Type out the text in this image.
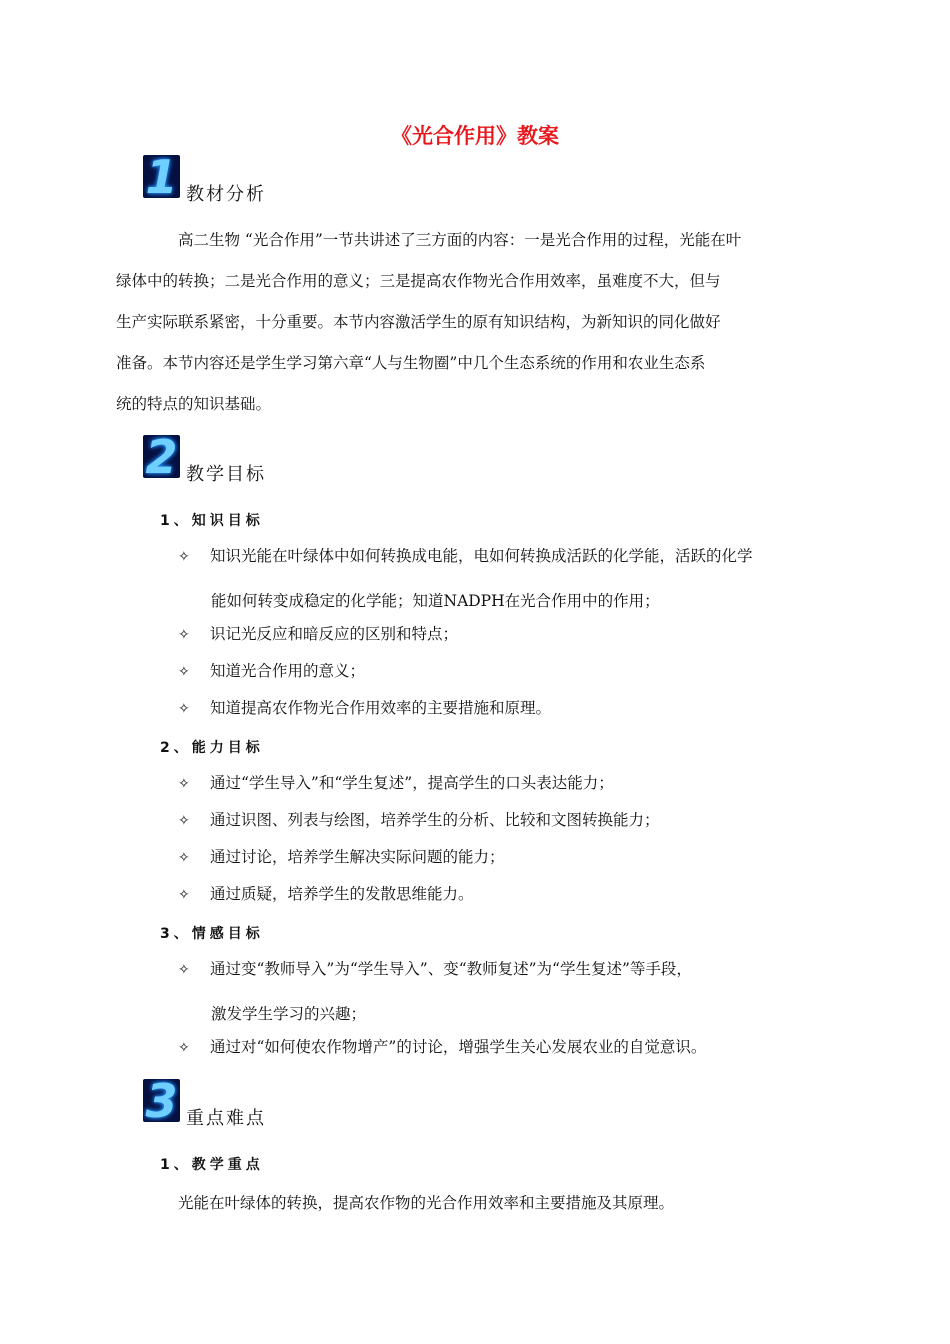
《光合作用》教案
1 教材分析
高二生物 “光合作用”一节共讲述了三方面的内容：一是光合作用的过程，光能在叶
绿体中的转换；二是光合作用的意义；三是提高农作物光合作用效率，虽难度不大，但与
生产实际联系紧密，十分重要。本节内容激活学生的原有知识结构，为新知识的同化做好
准备。本节内容还是学生学习第六章“人与生物圈”中几个生态系统的作用和农业生态系
统的特点的知识基础。
2 教学目标
1、知识目标
✧ 知识光能在叶绿体中如何转换成电能，电如何转换成活跃的化学能，活跃的化学
能如何转变成稳定的化学能；知道NADPH在光合作用中的作用；
✧ 识记光反应和暗反应的区别和特点；
✧ 知道光合作用的意义；
✧ 知道提高农作物光合作用效率的主要措施和原理。
2、能力目标
✧ 通过“学生导入”和“学生复述”，提高学生的口头表达能力；
✧ 通过识图、列表与绘图，培养学生的分析、比较和文图转换能力；
✧ 通过讨论，培养学生解决实际问题的能力；
✧ 通过质疑，培养学生的发散思维能力。
3、情感目标
✧ 通过变“教师导入”为“学生导入”、变“教师复述”为“学生复述”等手段，
激发学生学习的兴趣；
✧ 通过对“如何使农作物增产”的讨论，增强学生关心发展农业的自觉意识。
3 重点难点
1、教学重点
光能在叶绿体的转换，提高农作物的光合作用效率和主要措施及其原理。
